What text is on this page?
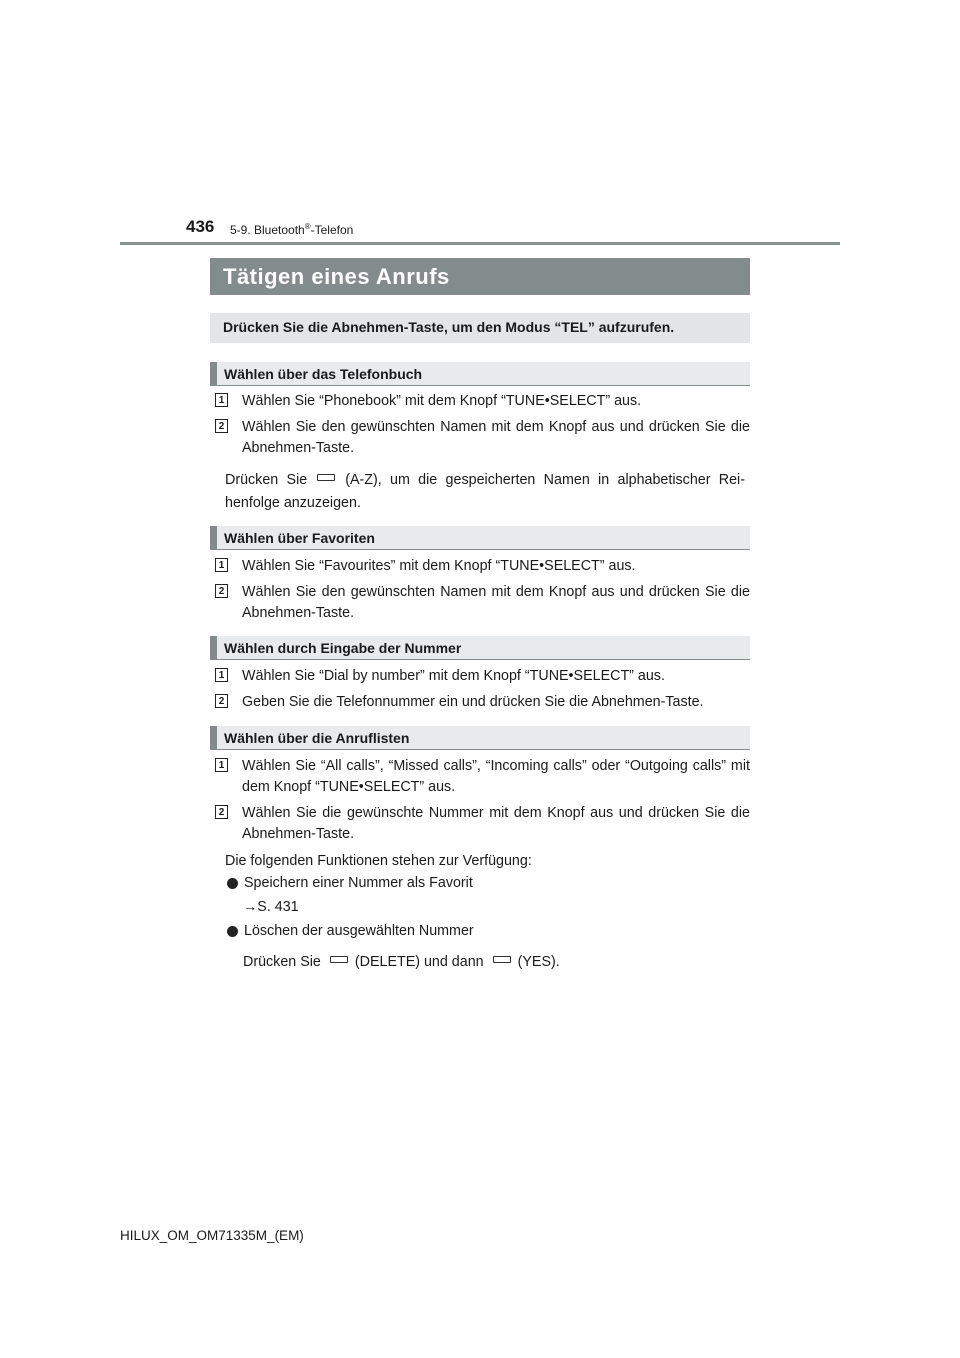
436 5-9. Bluetooth®-Telefon
Tätigen eines Anrufs
Drücken Sie die Abnehmen-Taste, um den Modus “TEL” aufzurufen.
Wählen über das Telefonbuch
1 Wählen Sie “Phonebook” mit dem Knopf “TUNE•SELECT” aus.
2 Wählen Sie den gewünschten Namen mit dem Knopf aus und drücken Sie die Abnehmen-Taste.
Drücken Sie	(A-Z), um die gespeicherten Namen in alphabetischer Reihenfolge anzuzeigen.
Wählen über Favoriten
1 Wählen Sie “Favourites” mit dem Knopf “TUNE•SELECT” aus.
2 Wählen Sie den gewünschten Namen mit dem Knopf aus und drücken Sie die Abnehmen-Taste.
Wählen durch Eingabe der Nummer
1 Wählen Sie “Dial by number” mit dem Knopf “TUNE•SELECT” aus.
2 Geben Sie die Telefonnummer ein und drücken Sie die Abnehmen-Taste.
Wählen über die Anruflisten
1 Wählen Sie “All calls”, “Missed calls”, “Incoming calls” oder “Outgoing calls” mit dem Knopf “TUNE•SELECT” aus.
2 Wählen Sie die gewünschte Nummer mit dem Knopf aus und drücken Sie die Abnehmen-Taste.
Die folgenden Funktionen stehen zur Verfügung:
Speichern einer Nummer als Favorit
→S. 431
Löschen der ausgewählten Nummer
Drücken Sie (DELETE) und dann (YES).
HILUX_OM_OM71335M_(EM)
